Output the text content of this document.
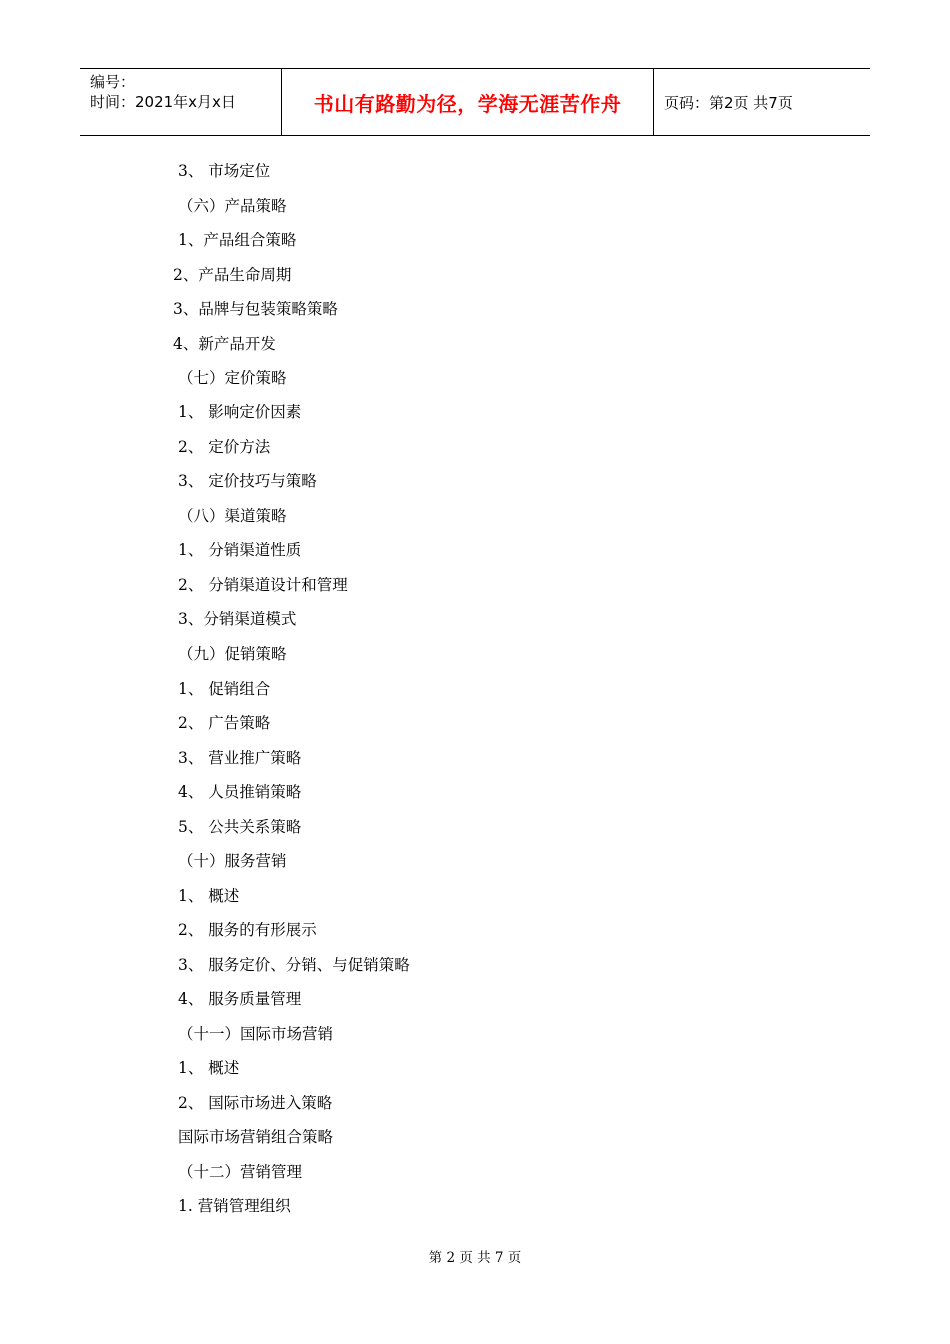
编号：
时间：2021年x月x日	书山有路勤为径，学海无涯苦作舟	页码：第2页 共7页
3、 市场定位
（六）产品策略
1、产品组合策略
2、产品生命周期
3、品牌与包装策略策略
4、新产品开发
（七）定价策略
1、 影响定价因素
2、 定价方法
3、 定价技巧与策略
（八）渠道策略
1、 分销渠道性质
2、 分销渠道设计和管理
3、分销渠道模式
（九）促销策略
1、 促销组合
2、 广告策略
3、 营业推广策略
4、 人员推销策略
5、 公共关系策略
（十）服务营销
1、 概述
2、 服务的有形展示
3、 服务定价、分销、与促销策略
4、 服务质量管理
（十一）国际市场营销
1、 概述
2、 国际市场进入策略
国际市场营销组合策略
（十二）营销管理
1. 营销管理组织
第 2 页 共 7 页
